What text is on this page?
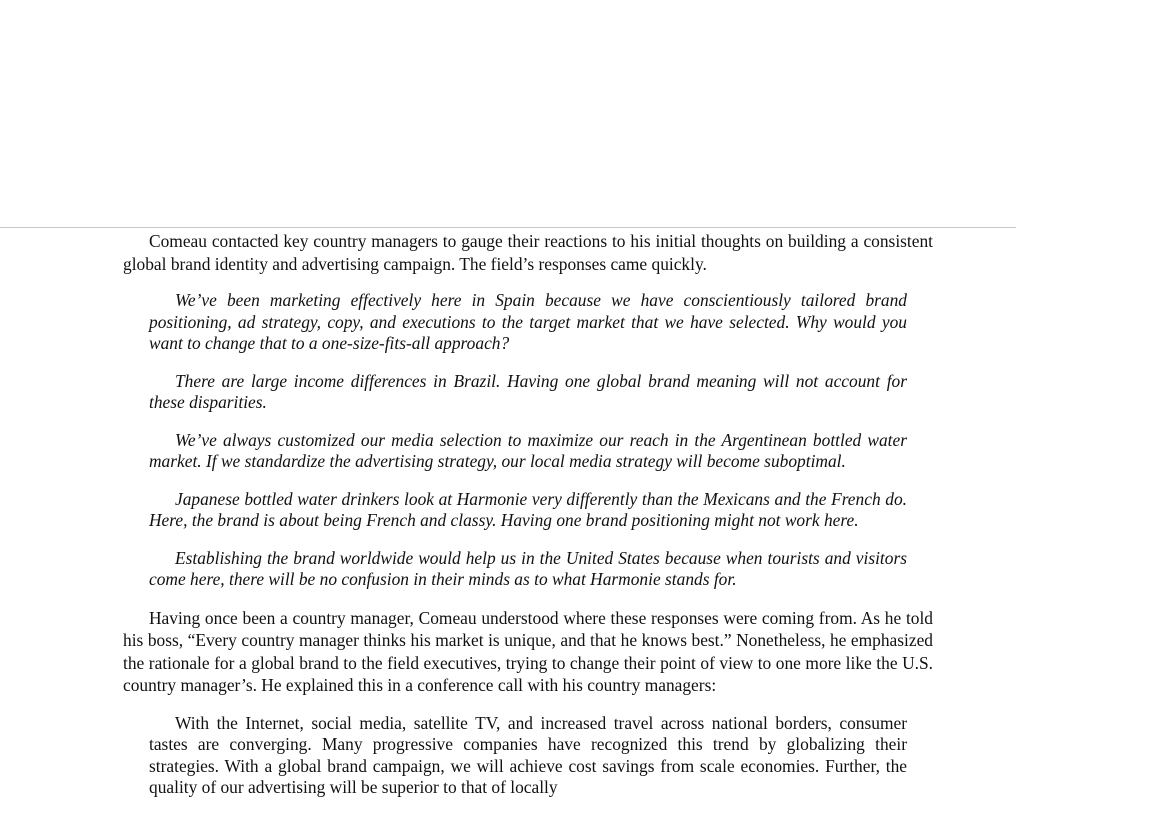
Comeau contacted key country managers to gauge their reactions to his initial thoughts on building a consistent global brand identity and advertising campaign. The field’s responses came quickly.

We’ve been marketing effectively here in Spain because we have conscientiously tailored brand positioning, ad strategy, copy, and executions to the target market that we have selected. Why would you want to change that to a one-size-fits-all approach?

There are large income differences in Brazil. Having one global brand meaning will not account for these disparities.

We’ve always customized our media selection to maximize our reach in the Argentinean bottled water market. If we standardize the advertising strategy, our local media strategy will become suboptimal.

Japanese bottled water drinkers look at Harmonie very differently than the Mexicans and the French do. Here, the brand is about being French and classy. Having one brand positioning might not work here.

Establishing the brand worldwide would help us in the United States because when tourists and visitors come here, there will be no confusion in their minds as to what Harmonie stands for.

Having once been a country manager, Comeau understood where these responses were coming from. As he told his boss, “Every country manager thinks his market is unique, and that he knows best.” Nonetheless, he emphasized the rationale for a global brand to the field executives, trying to change their point of view to one more like the U.S. country manager’s. He explained this in a conference call with his country managers:

With the Internet, social media, satellite TV, and increased travel across national borders, consumer tastes are converging. Many progressive companies have recognized this trend by globalizing their strategies. With a global brand campaign, we will achieve cost savings from scale economies. Further, the quality of our advertising will be superior to that of locally
